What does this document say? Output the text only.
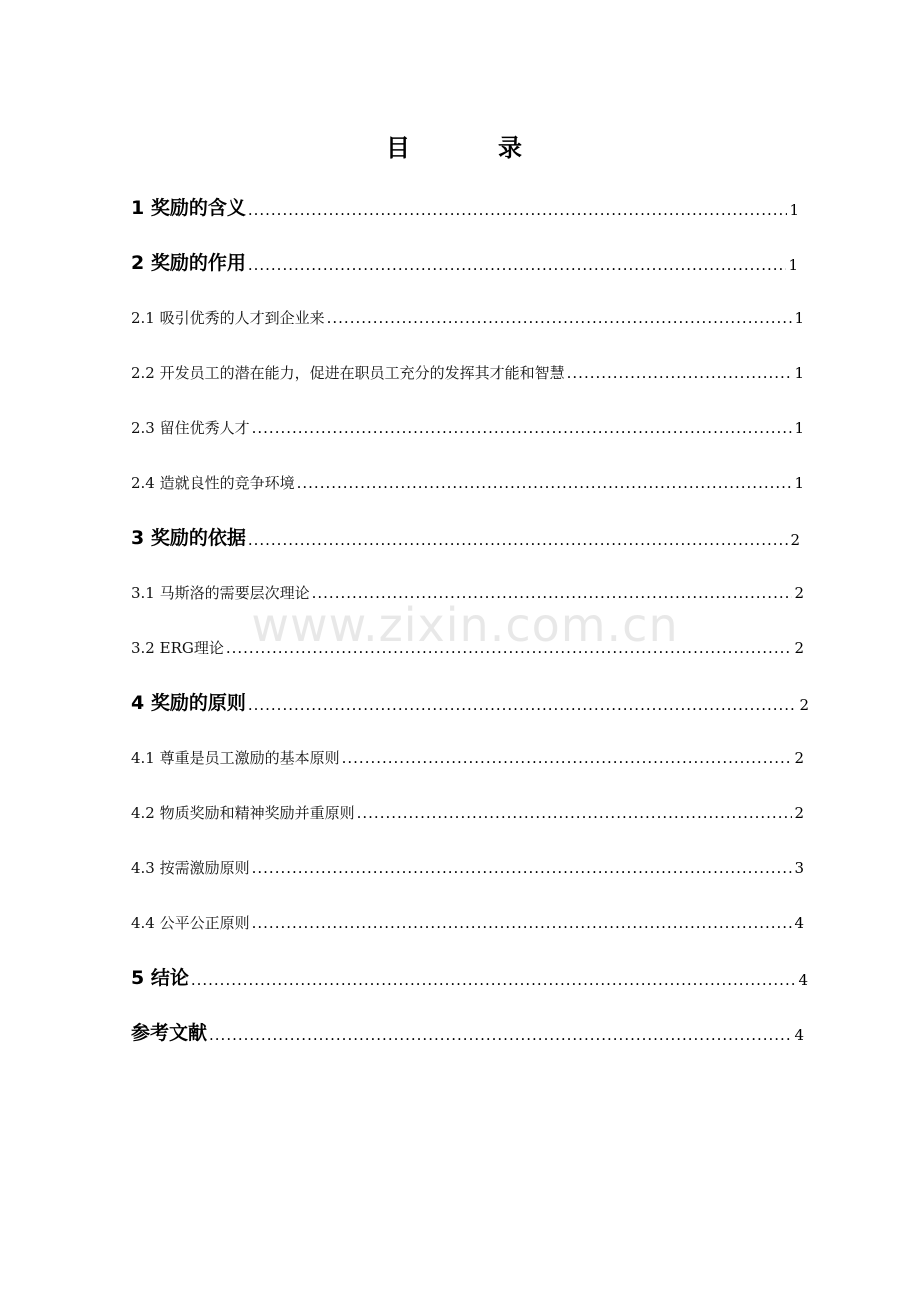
目　录
www.zixin.com.cn
1 奖励的含义 .....	1
2 奖励的作用 .....	1
2.1 吸引优秀的人才到企业来 .....	1
2.2 开发员工的潜在能力，促进在职员工充分的发挥其才能和智慧 .....	1
2.3 留住优秀人才 .....	1
2.4 造就良性的竞争环境 .....	1
3 奖励的依据 .....	2
3.1 马斯洛的需要层次理论 .....	2
3.2 ERG理论 .....	2
4 奖励的原则 .....	2
4.1 尊重是员工激励的基本原则 .....	2
4.2 物质奖励和精神奖励并重原则 .....	2
4.3 按需激励原则 .....	3
4.4 公平公正原则 .....	4
5 结论 .....	4
参考文献 .....	4
